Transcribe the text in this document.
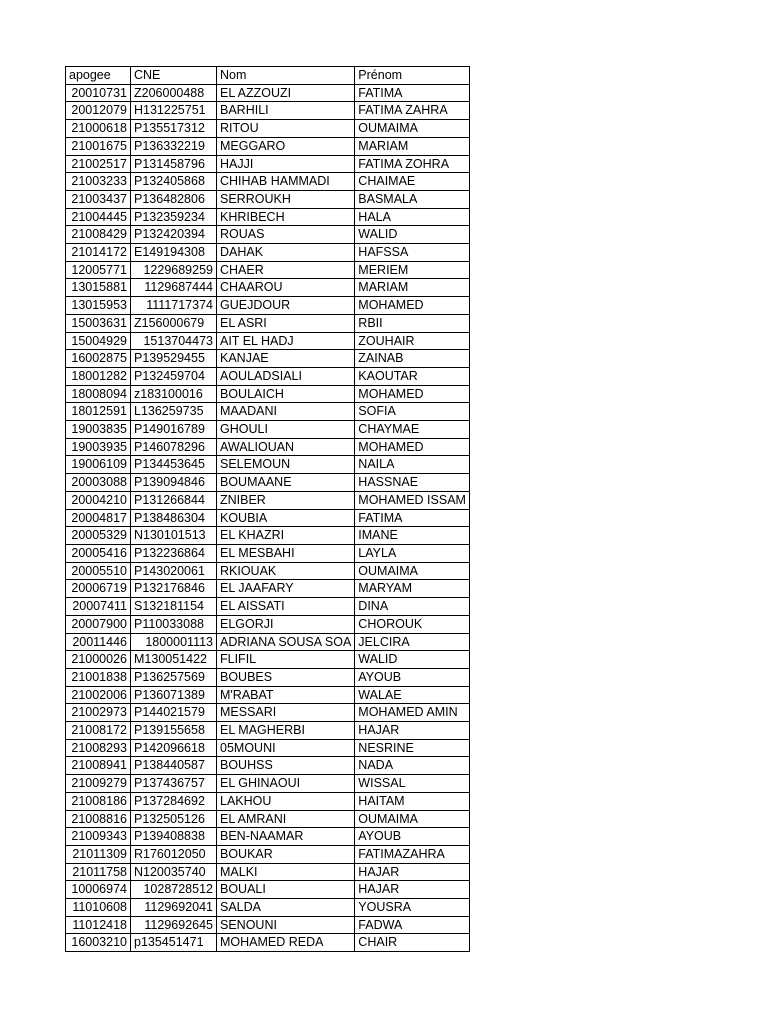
apogee	CNE	Nom	Prénom
20010731	Z206000488	EL AZZOUZI	FATIMA
20012079	H131225751	BARHILI	FATIMA ZAHRA
21000618	P135517312	RITOU	OUMAIMA
21001675	P136332219	MEGGARO	MARIAM
21002517	P131458796	HAJJI	FATIMA ZOHRA
21003233	P132405868	CHIHAB HAMMADI	CHAIMAE
21003437	P136482806	SERROUKH	BASMALA
21004445	P132359234	KHRIBECH	HALA
21008429	P132420394	ROUAS	WALID
21014172	E149194308	DAHAK	HAFSSA
12005771	1229689259	CHAER	MERIEM
13015881	1129687444	CHAAROU	MARIAM
13015953	1111717374	GUEJDOUR	MOHAMED
15003631	Z156000679	EL ASRI	RBII
15004929	1513704473	AIT EL HADJ	ZOUHAIR
16002875	P139529455	KANJAE	ZAINAB
18001282	P132459704	AOULADSIALI	KAOUTAR
18008094	z183100016	BOULAICH	MOHAMED
18012591	L136259735	MAADANI	SOFIA
19003835	P149016789	GHOULI	CHAYMAE
19003935	P146078296	AWALIOUAN	MOHAMED
19006109	P134453645	SELEMOUN	NAILA
20003088	P139094846	BOUMAANE	HASSNAE
20004210	P131266844	ZNIBER	MOHAMED ISSAM
20004817	P138486304	KOUBIA	FATIMA
20005329	N130101513	EL KHAZRI	IMANE
20005416	P132236864	EL MESBAHI	LAYLA
20005510	P143020061	RKIOUAK	OUMAIMA
20006719	P132176846	EL JAAFARY	MARYAM
20007411	S132181154	EL AISSATI	DINA
20007900	P110033088	ELGORJI	CHOROUK
20011446	1800001113	ADRIANA SOUSA SOA	JELCIRA
21000026	M130051422	FLIFIL	WALID
21001838	P136257569	BOUBES	AYOUB
21002006	P136071389	M'RABAT	WALAE
21002973	P144021579	MESSARI	MOHAMED AMIN
21008172	P139155658	EL MAGHERBI	HAJAR
21008293	P142096618	05MOUNI	NESRINE
21008941	P138440587	BOUHSS	NADA
21009279	P137436757	EL GHINAOUI	WISSAL
21008186	P137284692	LAKHOU	HAITAM
21008816	P132505126	EL AMRANI	OUMAIMA
21009343	P139408838	BEN-NAAMAR	AYOUB
21011309	R176012050	BOUKAR	FATIMAZAHRA
21011758	N120035740	MALKI	HAJAR
10006974	1028728512	BOUALI	HAJAR
11010608	1129692041	SALDA	YOUSRA
11012418	1129692645	SENOUNI	FADWA
16003210	p135451471	MOHAMED REDA	CHAIR
